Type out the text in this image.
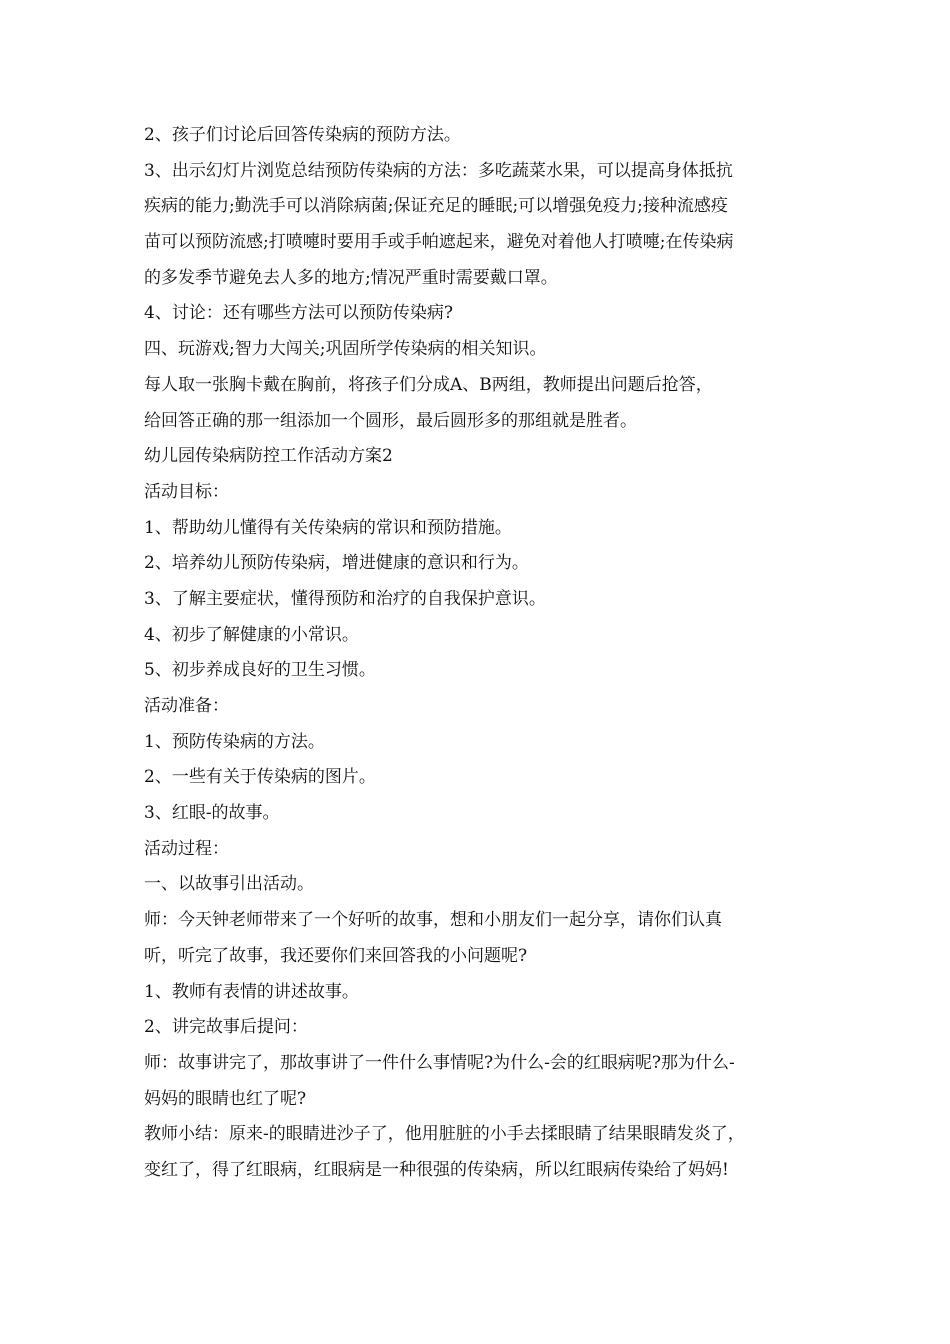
2、孩子们讨论后回答传染病的预防方法。
3、出示幻灯片浏览总结预防传染病的方法：多吃蔬菜水果，可以提高身体抵抗
疾病的能力;勤洗手可以消除病菌;保证充足的睡眠;可以增强免疫力;接种流感疫
苗可以预防流感;打喷嚏时要用手或手帕遮起来，避免对着他人打喷嚏;在传染病
的多发季节避免去人多的地方;情况严重时需要戴口罩。
4、讨论：还有哪些方法可以预防传染病?
四、玩游戏;智力大闯关;巩固所学传染病的相关知识。
每人取一张胸卡戴在胸前，将孩子们分成A、B两组，教师提出问题后抢答，
给回答正确的那一组添加一个圆形，最后圆形多的那组就是胜者。
幼儿园传染病防控工作活动方案2
活动目标：
1、帮助幼儿懂得有关传染病的常识和预防措施。
2、培养幼儿预防传染病，增进健康的意识和行为。
3、了解主要症状，懂得预防和治疗的自我保护意识。
4、初步了解健康的小常识。
5、初步养成良好的卫生习惯。
活动准备：
1、预防传染病的方法。
2、一些有关于传染病的图片。
3、红眼-的故事。
活动过程：
一、以故事引出活动。
师：今天钟老师带来了一个好听的故事，想和小朋友们一起分享，请你们认真
听，听完了故事，我还要你们来回答我的小问题呢?
1、教师有表情的讲述故事。
2、讲完故事后提问：
师：故事讲完了，那故事讲了一件什么事情呢?为什么-会的红眼病呢?那为什么-
妈妈的眼睛也红了呢?
教师小结：原来-的眼睛进沙子了，他用脏脏的小手去揉眼睛了结果眼睛发炎了，
变红了，得了红眼病，红眼病是一种很强的传染病，所以红眼病传染给了妈妈!
